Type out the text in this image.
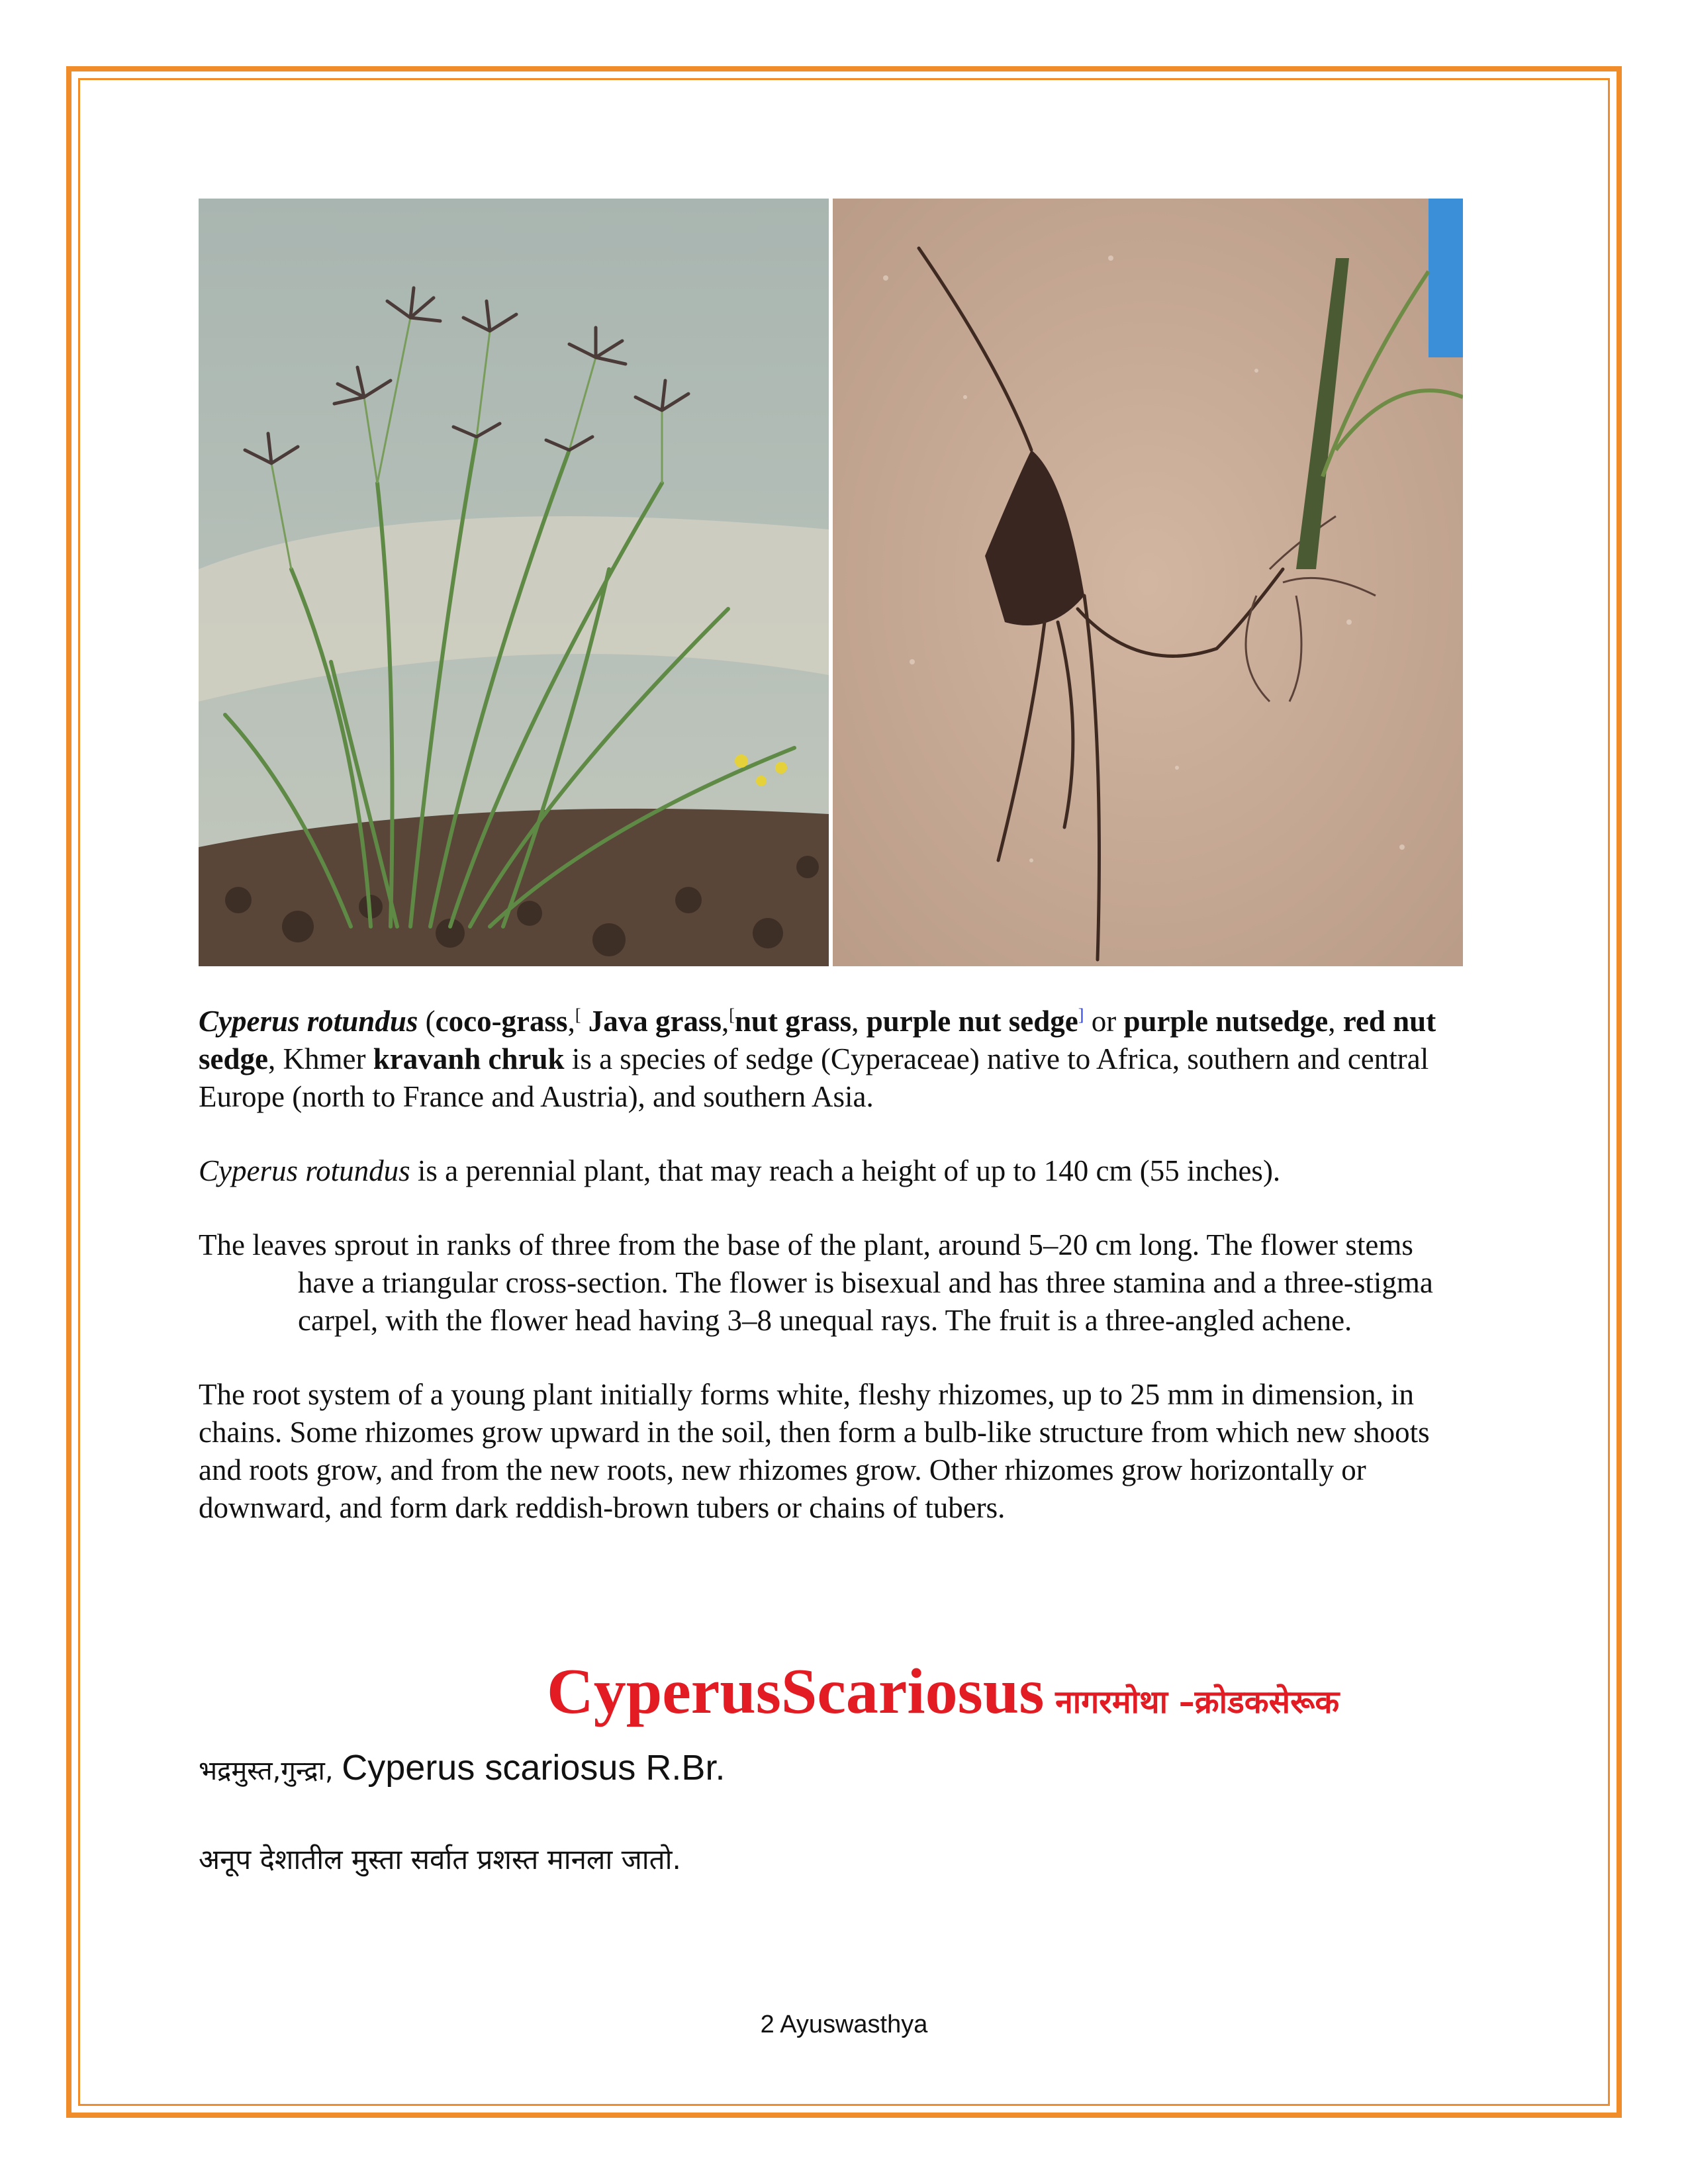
Cyperus rotundus (coco-grass,[ Java grass,[nut grass, purple nut sedge] or purple nutsedge, red nut sedge, Khmer kravanh chruk is a species of sedge (Cyperaceae) native to Africa, southern and central Europe (north to France and Austria), and southern Asia.

Cyperus rotundus is a perennial plant, that may reach a height of up to 140 cm (55 inches).

The leaves sprout in ranks of three from the base of the plant, around 5–20 cm long. The flower stems have a triangular cross-section. The flower is bisexual and has three stamina and a three-stigma carpel, with the flower head having 3–8 unequal rays. The fruit is a three-angled achene.

The root system of a young plant initially forms white, fleshy rhizomes, up to 25 mm in dimension, in chains. Some rhizomes grow upward in the soil, then form a bulb-like structure from which new shoots and roots grow, and from the new roots, new rhizomes grow. Other rhizomes grow horizontally or downward, and form dark reddish-brown tubers or chains of tubers.

CyperusScariosus नागरमोथा –क्रोडकसेरूक
भद्रमुस्त,गुन्द्रा, Cyperus scariosus R.Br.
अनूप देशातील मुस्ता सर्वात प्रशस्त मानला जातो.
2 Ayuswasthya
